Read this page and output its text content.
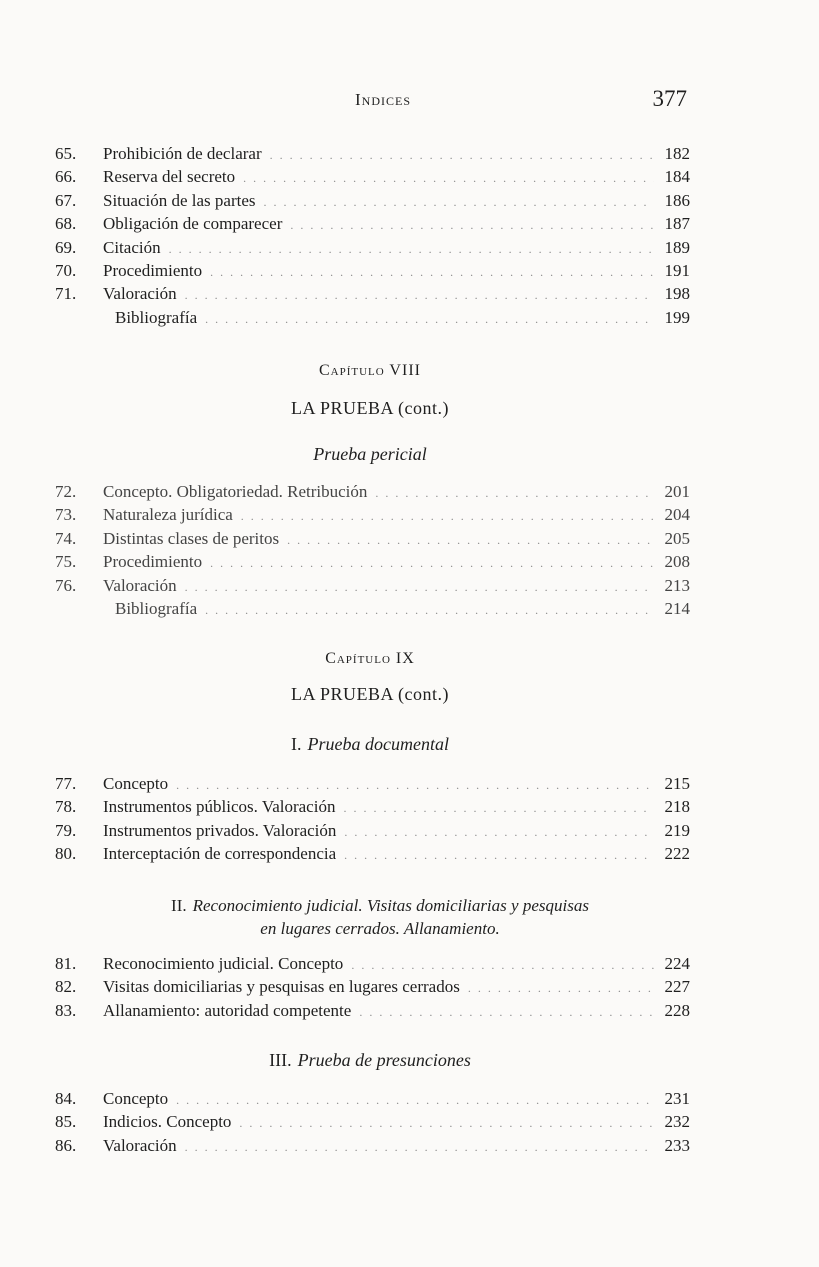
Indices	377
65.	Prohibición de declarar . . .	182
66.	Reserva del secreto . . .	184
67.	Situación de las partes . . .	186
68.	Obligación de comparecer . . .	187
69.	Citación . . .	189
70.	Procedimiento . . .	191
71.	Valoración . . .	198
Bibliografía . . .	199
Capítulo VIII
LA PRUEBA (cont.)
Prueba pericial
72.	Concepto. Obligatoriedad. Retribución . . .	201
73.	Naturaleza jurídica . . .	204
74.	Distintas clases de peritos . . .	205
75.	Procedimiento . . .	208
76.	Valoración . . .	213
Bibliografía . . .	214
Capítulo IX
LA PRUEBA (cont.)
I. Prueba documental
77.	Concepto . . .	215
78.	Instrumentos públicos. Valoración . . .	218
79.	Instrumentos privados. Valoración . . .	219
80.	Interceptación de correspondencia . . .	222
II. Reconocimiento judicial. Visitas domiciliarias y pesquisas
en lugares cerrados. Allanamiento.
81.	Reconocimiento judicial. Concepto . . .	224
82.	Visitas domiciliarias y pesquisas en lugares cerrados . . .	227
83.	Allanamiento: autoridad competente . . .	228
III. Prueba de presunciones
84.	Concepto . . .	231
85.	Indicios. Concepto . . .	232
86.	Valoración . . .	233
